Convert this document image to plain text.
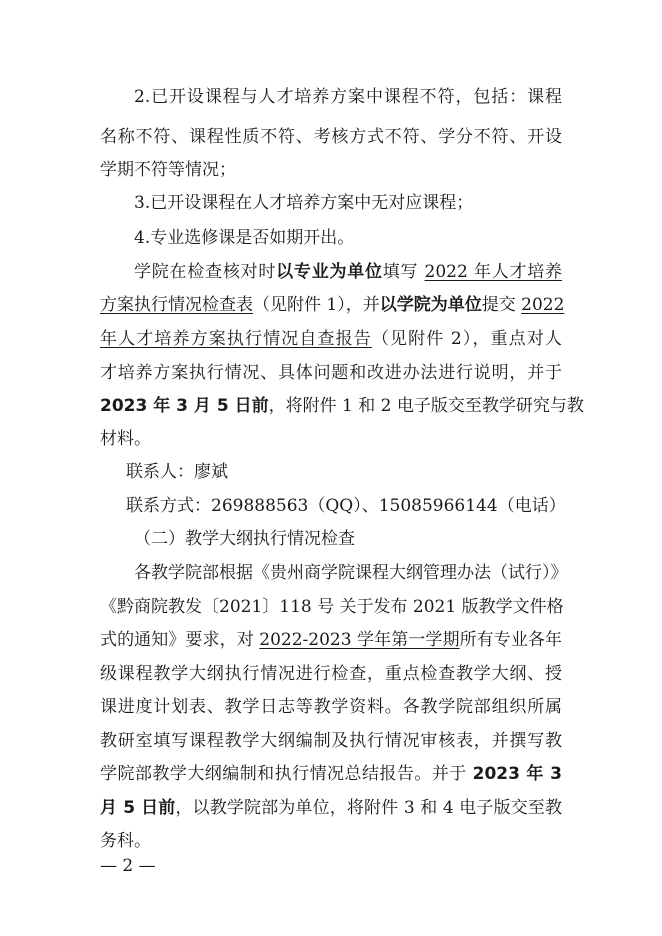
2.已开设课程与人才培养方案中课程不符，包括：课程
名称不符、课程性质不符、考核方式不符、学分不符、开设
学期不符等情况；
3.已开设课程在人才培养方案中无对应课程；
4.专业选修课是否如期开出。
学院在检查核对时以专业为单位填写 2022 年人才培养
方案执行情况检查表（见附件 1），并以学院为单位提交 2022
年人才培养方案执行情况自查报告（见附件 2），重点对人
才培养方案执行情况、具体问题和改进办法进行说明，并于
2023 年 3 月 5 日前，将附件 1 和 2 电子版交至教学研究与教
材料。
联系人：廖斌
联系方式：269888563（QQ）、15085966144（电话）
（二）教学大纲执行情况检查
各教学院部根据《贵州商学院课程大纲管理办法（试行）》
《黔商院教发〔2021〕118 号 关于发布 2021 版教学文件格
式的通知》要求，对 2022-2023 学年第一学期所有专业各年
级课程教学大纲执行情况进行检查，重点检查教学大纲、授
课进度计划表、教学日志等教学资料。各教学院部组织所属
教研室填写课程教学大纲编制及执行情况审核表，并撰写教
学院部教学大纲编制和执行情况总结报告。并于 2023 年 3
月 5 日前，以教学院部为单位，将附件 3 和 4 电子版交至教
务科。
— 2 —
